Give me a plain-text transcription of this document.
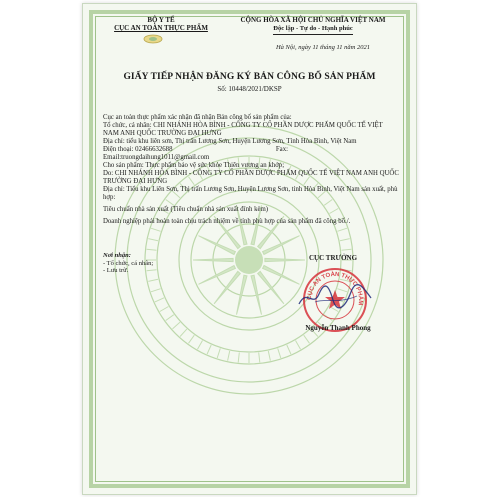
BỘ Y TẾ
CỤC AN TOÀN THỰC PHẨM
CỘNG HÒA XÃ HỘI CHỦ NGHĨA VIỆT NAM
Độc lập - Tự do - Hạnh phúc
Hà Nội, ngày 11 tháng 11 năm 2021
GIẤY TIẾP NHẬN ĐĂNG KÝ BẢN CÔNG BỐ SẢN PHẨM
Số: 10448/2021/DKSP

Cục an toàn thực phẩm xác nhận đã nhận Bản công bố sản phẩm của:

Tổ chức, cá nhân: CHI NHÁNH HÒA BÌNH - CÔNG TY CỔ PHẦN DƯỢC PHẨM QUỐC TẾ VIỆT NAM ANH QUỐC TRƯỜNG ĐẠI HƯNG

Địa chỉ: tiểu khu liên sơn, Thị trấn Lương Sơn, Huyện Lương Sơn, Tỉnh Hòa Bình, Việt Nam

Điện thoại: 02466632688	Fax:

Email:truongdaihung1011@gmail.com

Cho sản phẩm: Thực phẩm bảo vệ sức khỏe Thiên vương an khớp;

Do: CHI NHÁNH HÒA BÌNH - CÔNG TY CỔ PHẦN DƯỢC PHẨM QUỐC TẾ VIỆT NAM ANH QUỐC TRƯỜNG ĐẠI HƯNG

Địa chỉ: Tiểu khu Liên Sơn, Thị trấn Lương Sơn, Huyện Lương Sơn, tỉnh Hòa Bình, Việt Nam sản xuất, phù hợp:

Tiêu chuẩn nhà sản xuất (Tiêu chuẩn nhà sản xuất đính kèm)

Doanh nghiệp phải hoàn toàn chịu trách nhiệm về tính phù hợp của sản phẩm đã công bố./.

Nơi nhận:
- Tổ chức, cá nhân;
- Lưu trữ.
CỤC TRƯỞNG
CỤC AN TOÀN THỰC PHẨM
Nguyễn Thanh Phong
